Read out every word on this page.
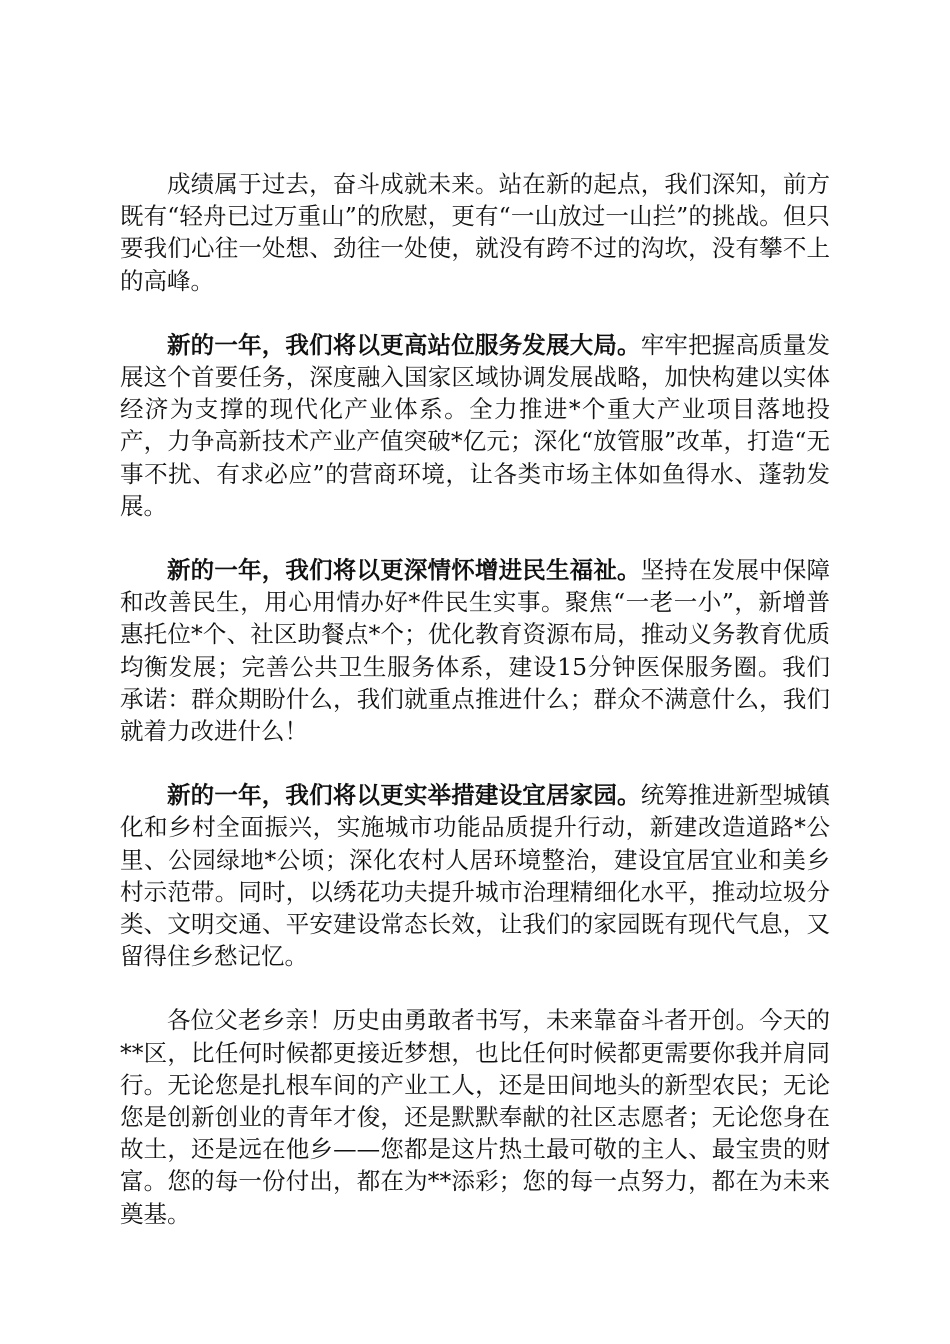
成绩属于过去，奋斗成就未来。站在新的起点，我们深知，前方既有“轻舟已过万重山”的欣慰，更有“一山放过一山拦”的挑战。但只要我们心往一处想、劲往一处使，就没有跨不过的沟坎，没有攀不上的高峰。

新的一年，我们将以更高站位服务发展大局。牢牢把握高质量发展这个首要任务，深度融入国家区域协调发展战略，加快构建以实体经济为支撑的现代化产业体系。全力推进*个重大产业项目落地投产，力争高新技术产业产值突破*亿元；深化“放管服”改革，打造“无事不扰、有求必应”的营商环境，让各类市场主体如鱼得水、蓬勃发展。

新的一年，我们将以更深情怀增进民生福祉。坚持在发展中保障和改善民生，用心用情办好*件民生实事。聚焦“一老一小”，新增普惠托位*个、社区助餐点*个；优化教育资源布局，推动义务教育优质均衡发展；完善公共卫生服务体系，建设15分钟医保服务圈。我们承诺：群众期盼什么，我们就重点推进什么；群众不满意什么，我们就着力改进什么！

新的一年，我们将以更实举措建设宜居家园。统筹推进新型城镇化和乡村全面振兴，实施城市功能品质提升行动，新建改造道路*公里、公园绿地*公顷；深化农村人居环境整治，建设宜居宜业和美乡村示范带。同时，以绣花功夫提升城市治理精细化水平，推动垃圾分类、文明交通、平安建设常态长效，让我们的家园既有现代气息，又留得住乡愁记忆。

各位父老乡亲！历史由勇敢者书写，未来靠奋斗者开创。今天的**区，比任何时候都更接近梦想，也比任何时候都更需要你我并肩同行。无论您是扎根车间的产业工人，还是田间地头的新型农民；无论您是创新创业的青年才俊，还是默默奉献的社区志愿者；无论您身在故土，还是远在他乡——您都是这片热土最可敬的主人、最宝贵的财富。您的每一份付出，都在为**添彩；您的每一点努力，都在为未来奠基。
